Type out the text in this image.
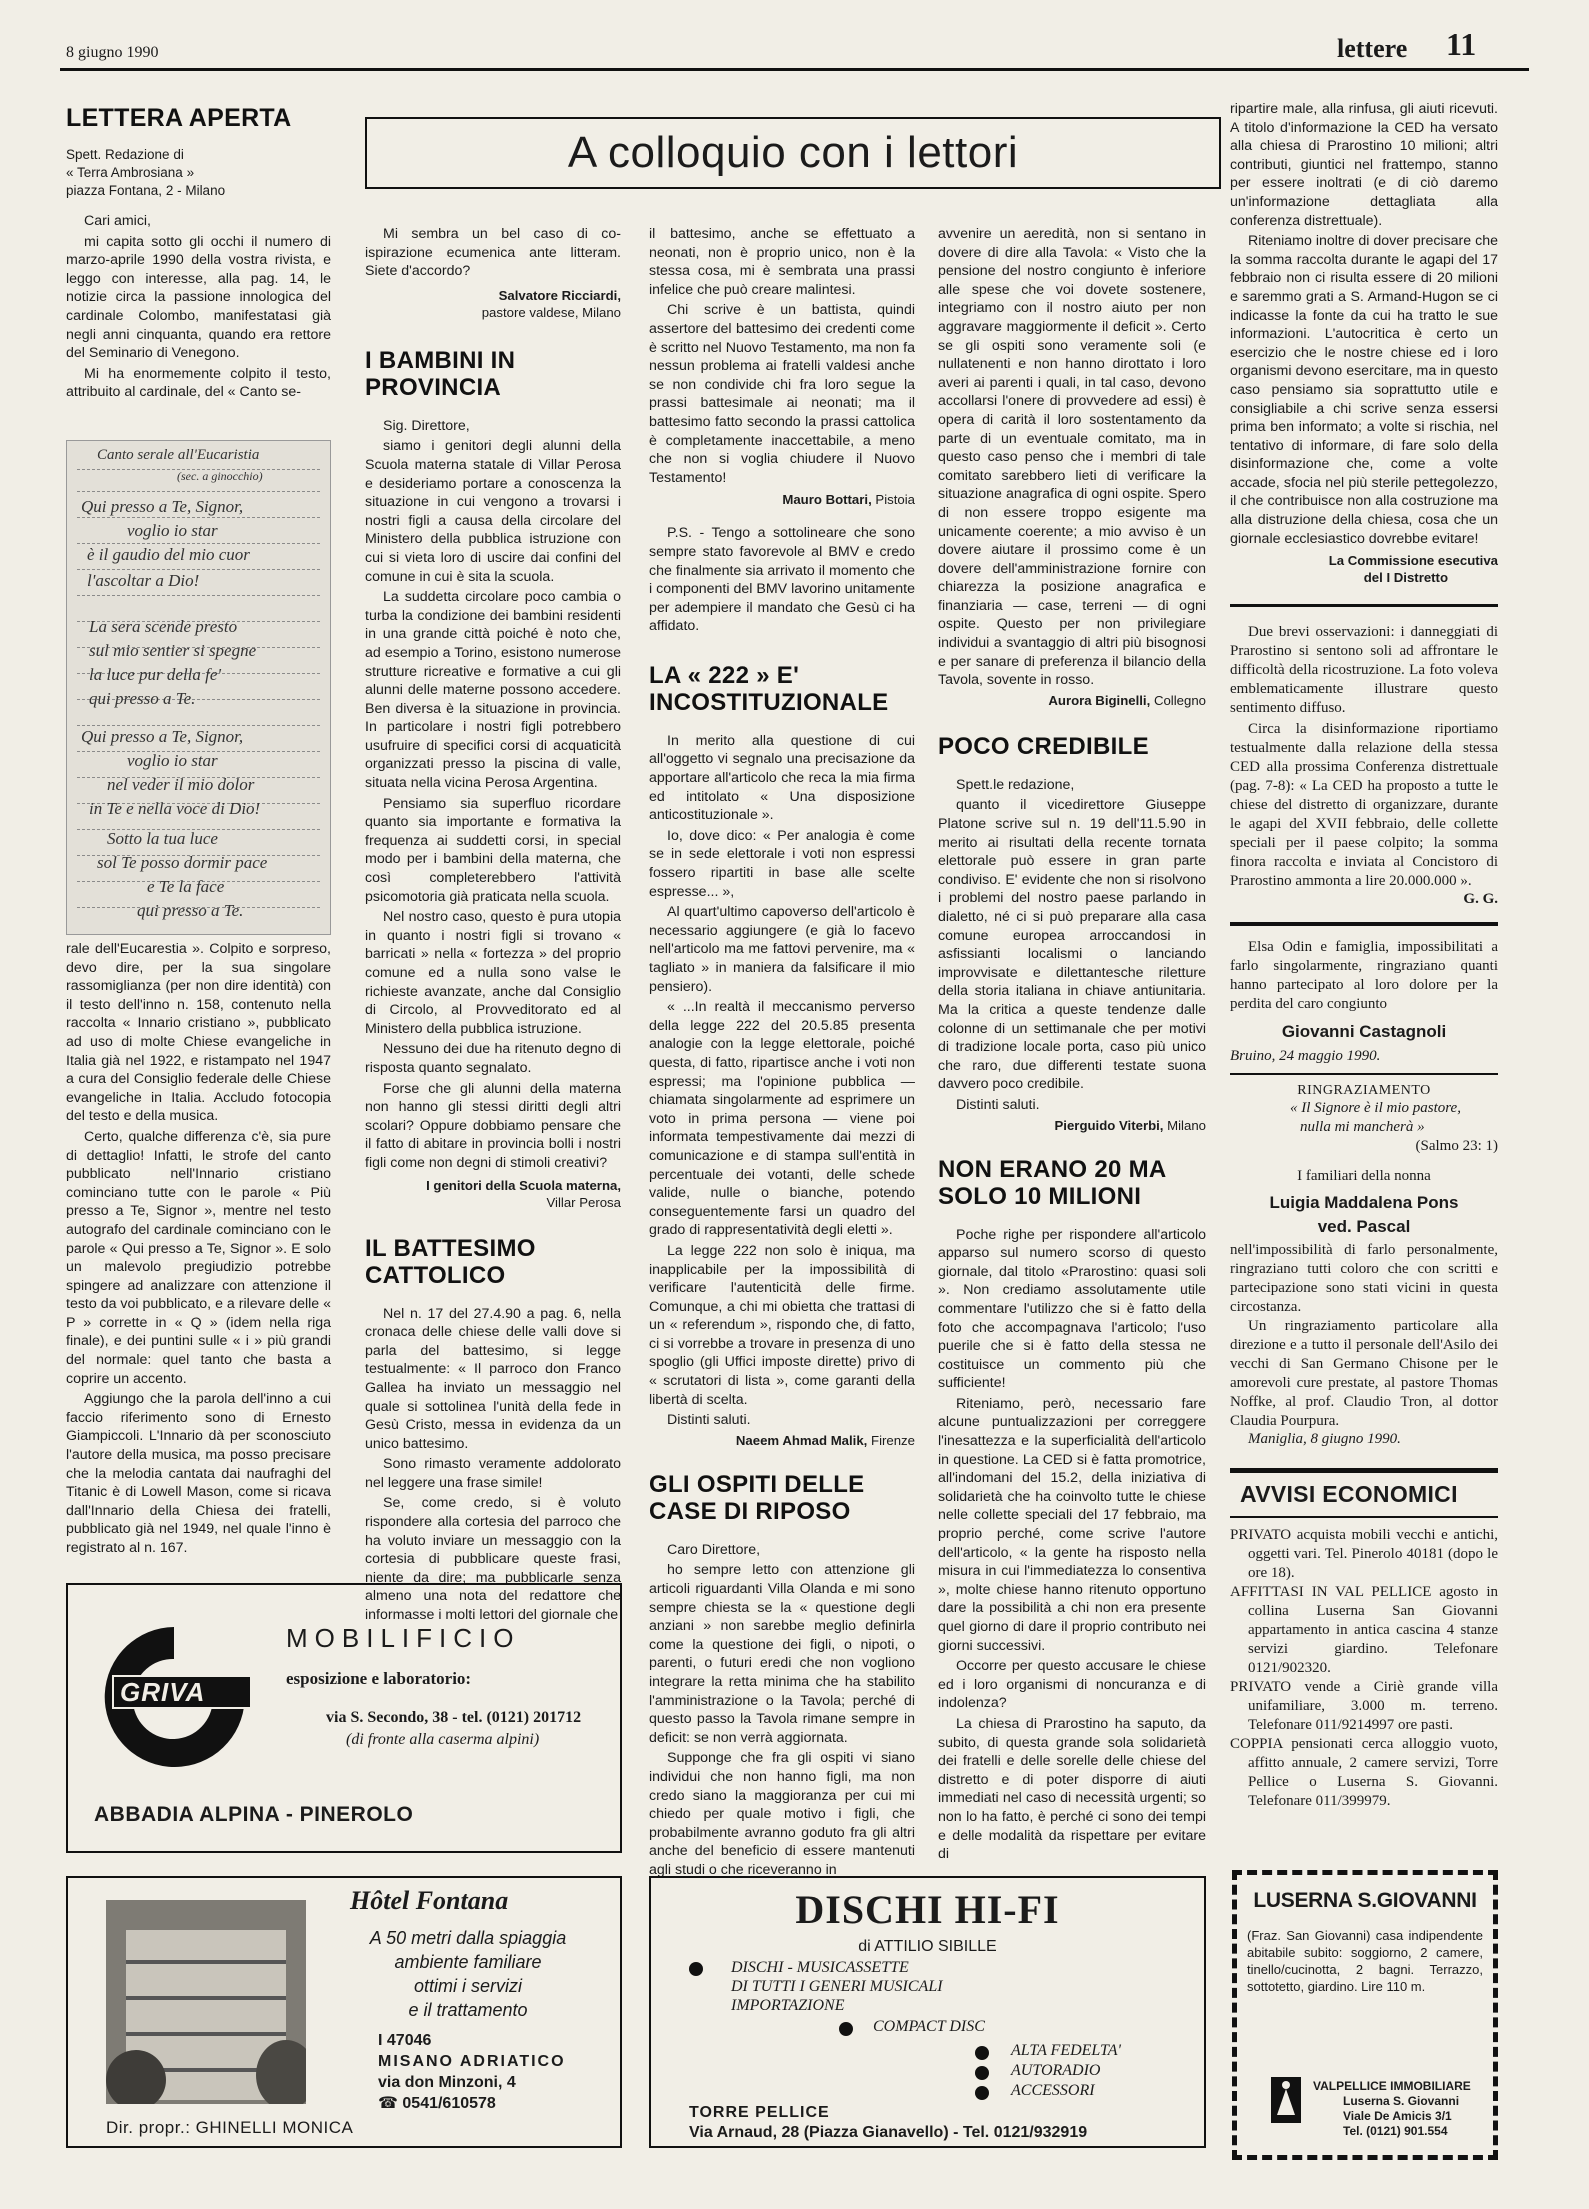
8 giugno 1990	lettere 11
A colloquio con i lettori
LETTERA APERTA
Spett. Redazione di
« Terra Ambrosiana »
piazza Fontana, 2 - Milano

Cari amici,

mi capita sotto gli occhi il numero di marzo-aprile 1990 della vostra rivista, e leggo con interesse, alla pag. 14, le notizie circa la passione innologica del cardinale Colombo, manifestatasi già negli anni cinquanta, quando era rettore del Seminario di Venegono.

Mi ha enormemente colpito il testo, attribuito al cardinale, del « Canto se-

Canto serale all'Eucaristia
(sec. a ginocchio)
Qui presso a Te, Signor,
voglio io star
è il gaudio del mio cuor
l'ascoltar a Dio!
La sera scende presto
sul mio sentier si spegne
la luce pur della fe'
qui presso a Te.
Qui presso a Te, Signor,
voglio io star
nel veder il mio dolor
in Te e nella voce di Dio!
Sotto la tua luce
sol Te posso dormir pace
e Te la face
qui presso a Te.

rale dell'Eucarestia ». Colpito e sorpreso, devo dire, per la sua singolare rassomiglianza (per non dire identità) con il testo dell'inno n. 158, contenuto nella raccolta « Innario cristiano », pubblicato ad uso di molte Chiese evangeliche in Italia già nel 1922, e ristampato nel 1947 a cura del Consiglio federale delle Chiese evangeliche in Italia. Accludo fotocopia del testo e della musica.

Certo, qualche differenza c'è, sia pure di dettaglio! Infatti, le strofe del canto pubblicato nell'Innario cristiano cominciano tutte con le parole « Più presso a Te, Signor », mentre nel testo autografo del cardinale cominciano con le parole « Qui presso a Te, Signor ». E solo un malevolo pregiudizio potrebbe spingere ad analizzare con attenzione il testo da voi pubblicato, e a rilevare delle « P » corrette in « Q » (idem nella riga finale), e dei puntini sulle « i » più grandi del normale: quel tanto che basta a coprire un accento.

Aggiungo che la parola dell'inno a cui faccio riferimento sono di Ernesto Giampiccoli. L'Innario dà per sconosciuto l'autore della musica, ma posso precisare che la melodia cantata dai naufraghi del Titanic è di Lowell Mason, come si ricava dall'Innario della Chiesa dei fratelli, pubblicato già nel 1949, nel quale l'inno è registrato al n. 167.

Mi sembra un bel caso di co-ispirazione ecumenica ante litteram. Siete d'accordo?

Salvatore Ricciardi,
pastore valdese, Milano
I BAMBINI IN PROVINCIA

Sig. Direttore,

siamo i genitori degli alunni della Scuola materna statale di Villar Perosa e desideriamo portare a conoscenza la situazione in cui vengono a trovarsi i nostri figli a causa della circolare del Ministero della pubblica istruzione con cui si vieta loro di uscire dai confini del comune in cui è sita la scuola.

La suddetta circolare poco cambia o turba la condizione dei bambini residenti in una grande città poiché è noto che, ad esempio a Torino, esistono numerose strutture ricreative e formative a cui gli alunni delle materne possono accedere. Ben diversa è la situazione in provincia. In particolare i nostri figli potrebbero usufruire di specifici corsi di acquaticità organizzati presso la piscina di valle, situata nella vicina Perosa Argentina.

Pensiamo sia superfluo ricordare quanto sia importante e formativa la frequenza ai suddetti corsi, in special modo per i bambini della materna, che così completerebbero l'attività psicomotoria già praticata nella scuola.

Nel nostro caso, questo è pura utopia in quanto i nostri figli si trovano « barricati » nella « fortezza » del proprio comune ed a nulla sono valse le richieste avanzate, anche dal Consiglio di Circolo, al Provveditorato ed al Ministero della pubblica istruzione.

Nessuno dei due ha ritenuto degno di risposta quanto segnalato.

Forse che gli alunni della materna non hanno gli stessi diritti degli altri scolari? Oppure dobbiamo pensare che il fatto di abitare in provincia bolli i nostri figli come non degni di stimoli creativi?

I genitori della Scuola materna,
Villar Perosa
IL BATTESIMO CATTOLICO

Nel n. 17 del 27.4.90 a pag. 6, nella cronaca delle chiese delle valli dove si parla del battesimo, si legge testualmente: « Il parroco don Franco Gallea ha inviato un messaggio nel quale si sottolinea l'unità della fede in Gesù Cristo, messa in evidenza da un unico battesimo.

Sono rimasto veramente addolorato nel leggere una frase simile!

Se, come credo, si è voluto rispondere alla cortesia del parroco che ha voluto inviare un messaggio con la cortesia di pubblicare queste frasi, niente da dire; ma pubblicarle senza almeno una nota del redattore che informasse i molti lettori del giornale che

il battesimo, anche se effettuato a neonati, non è proprio unico, non è la stessa cosa, mi è sembrata una prassi infelice che può creare malintesi.

Chi scrive è un battista, quindi assertore del battesimo dei credenti come è scritto nel Nuovo Testamento, ma non fa nessun problema ai fratelli valdesi anche se non condivide chi fra loro segue la prassi battesimale ai neonati; ma il battesimo fatto secondo la prassi cattolica è completamente inaccettabile, a meno che non si voglia chiudere il Nuovo Testamento!

Mauro Bottari, Pistoia

P.S. - Tengo a sottolineare che sono sempre stato favorevole al BMV e credo che finalmente sia arrivato il momento che i componenti del BMV lavorino unitamente per adempiere il mandato che Gesù ci ha affidato.

LA « 222 » E' INCOSTITUZIONALE

In merito alla questione di cui all'oggetto vi segnalo una precisazione da apportare all'articolo che reca la mia firma ed intitolato « Una disposizione anticostituzionale ».

Io, dove dico: « Per analogia è come se in sede elettorale i voti non espressi fossero ripartiti in base alle scelte espresse... »,

Al quart'ultimo capoverso dell'articolo è necessario aggiungere (e già lo facevo nell'articolo ma me fattovi pervenire, ma « tagliato » in maniera da falsificare il mio pensiero).

« ...In realtà il meccanismo perverso della legge 222 del 20.5.85 presenta analogie con la legge elettorale, poiché questa, di fatto, ripartisce anche i voti non espressi; ma l'opinione pubblica — chiamata singolarmente ad esprimere un voto in prima persona — viene poi informata tempestivamente dai mezzi di comunicazione e di stampa sull'entità in percentuale dei votanti, delle schede valide, nulle o bianche, potendo conseguentemente farsi un quadro del grado di rappresentatività degli eletti ».

La legge 222 non solo è iniqua, ma inapplicabile per la impossibilità di verificare l'autenticità delle firme. Comunque, a chi mi obietta che trattasi di un « referendum », rispondo che, di fatto, ci si vorrebbe a trovare in presenza di uno spoglio (gli Uffici imposte dirette) privo di « scrutatori di lista », come garanti della libertà di scelta.

Distinti saluti.

Naeem Ahmad Malik, Firenze
GLI OSPITI DELLE CASE DI RIPOSO

Caro Direttore,

ho sempre letto con attenzione gli articoli riguardanti Villa Olanda e mi sono sempre chiesta se la « questione degli anziani » non sarebbe meglio definirla come la questione dei figli, o nipoti, o parenti, o futuri eredi che non vogliono integrare la retta minima che ha stabilito l'amministrazione o la Tavola; perché di questo passo la Tavola rimane sempre in deficit: se non verrà aggiornata.

Supponge che fra gli ospiti vi siano individui che non hanno figli, ma non credo siano la maggioranza per cui mi chiedo per quale motivo i figli, che probabilmente avranno goduto fra gli altri anche del beneficio di essere mantenuti agli studi o che riceveranno in

avvenire un aeredità, non si sentano in dovere di dire alla Tavola: « Visto che la pensione del nostro congiunto è inferiore alle spese che voi dovete sostenere, integriamo con il nostro aiuto per non aggravare maggiormente il deficit ». Certo se gli ospiti sono veramente soli (e nullatenenti e non hanno dirottato i loro averi ai parenti i quali, in tal caso, devono accollarsi l'onere di provvedere ad essi) è opera di carità il loro sostentamento da parte di un eventuale comitato, ma in questo caso penso che i membri di tale comitato sarebbero lieti di verificare la situazione anagrafica di ogni ospite. Spero di non essere troppo esigente ma unicamente coerente; a mio avviso è un dovere aiutare il prossimo come è un dovere dell'amministrazione fornire con chiarezza la posizione anagrafica e finanziaria — case, terreni — di ogni ospite. Questo per non privilegiare individui a svantaggio di altri più bisognosi e per sanare di preferenza il bilancio della Tavola, sovente in rosso.

Aurora Biginelli, Collegno
POCO CREDIBILE

Spett.le redazione,

quanto il vicedirettore Giuseppe Platone scrive sul n. 19 dell'11.5.90 in merito ai risultati della recente tornata elettorale può essere in gran parte condiviso. E' evidente che non si risolvono i problemi del nostro paese parlando in dialetto, né ci si può prepararе alla casa comune europea arroccandosi in asfissianti localismi o lanciando improvvisate e dilettantesche riletture della storia italiana in chiave antiunitaria. Ma la critica a queste tendenze dalle colonne di un settimanale che per motivi di tradizione locale porta, caso più unico che raro, due differenti testate suona davvero poco credibile.

Distinti saluti.

Pierguido Viterbi, Milano
NON ERANO 20 MA SOLO 10 MILIONI

Poche righe per rispondere all'articolo apparso sul numero scorso di questo giornale, dal titolo «Prarostino: quasi soli ». Non crediamo assolutamente utile commentare l'utilizzo che si è fatto della foto che accompagnava l'articolo; l'uso puerile che si è fatto della stessa ne costituisce un commento più che sufficiente!

Riteniamo, però, necessario fare alcune puntualizzazioni per correggere l'inesattezza e la superficialità dell'articolo in questione. La CED si è fatta promotrice, all'indomani del 15.2, della iniziativa di solidarietà che ha coinvolto tutte le chiese nelle collette speciali del 17 febbraio, ma proprio perché, come scrive l'autore dell'articolo, « la gente ha risposto nella misura in cui l'immediatezza lo consentiva », molte chiese hanno ritenuto opportuno dare la possibilità a chi non era presente quel giorno di dare il proprio contributo nei giorni successivi.

Occorre per questo accusare le chiese ed i loro organismi di noncuranza e di indolenza?

La chiesa di Prarostino ha saputo, da subito, di questa grande sola solidarietà dei fratelli e delle sorelle delle chiese del distretto e di poter disporre di aiuti immediati nel caso di necessità urgenti; so non lo ha fatto, è perché ci sono dei tempi e delle modalità da rispettare per evitare di

ripartire male, alla rinfusa, gli aiuti ricevuti. A titolo d'informazione la CED ha versato alla chiesa di Prarostino 10 milioni; altri contributi, giuntici nel frattempo, stanno per essere inoltrati (e di ciò daremo un'informazione dettagliata alla conferenza distrettuale).

Riteniamo inoltre di dover precisare che la somma raccolta durante le agapi del 17 febbraio non ci risulta essere di 20 milioni e saremmo grati a S. Armand-Hugon se ci indicasse la fonte da cui ha tratto le sue informazioni. L'autocritica è certo un esercizio che le nostre chiese ed i loro organismi devono esercitare, ma in questo caso pensiamo sia soprattutto utile e consigliabile a chi scrive senza essersi prima ben informato; a volte si rischia, nel tentativo di informare, di fare solo della disinformazione che, come a volte accade, sfocia nel più sterile pettegolezzo, il che contribuisce non alla costruzione ma alla distruzione della chiesa, cosa che un giornale ecclesiastico dovrebbe evitare!

La Commissione esecutiva
del I Distretto

Due brevi osservazioni: i danneggiati di Prarostino si sentono soli ad affrontare le difficoltà della ricostruzione. La foto voleva emblematicamente illustrare questo sentimento diffuso.

Circa la disinformazione riportiamo testualmente dalla relazione della stessa CED alla prossima Conferenza distrettuale (pag. 7-8): « La CED ha proposto a tutte le chiese del distretto di organizzare, durante le agapi del XVII febbraio, delle collette speciali per il paese colpito; la somma finora raccolta e inviata al Concistoro di Prarostino ammonta a lire 20.000.000 ».

G. G.

Elsa Odin e famiglia, impossibilitati a farlo singolarmente, ringraziano quanti hanno partecipato al loro dolore per la perdita del caro congiunto

Giovanni Castagnoli
Bruino, 24 maggio 1990.
RINGRAZIAMENTO
« Il Signore è il mio pastore,
nulla mi mancherà »
(Salmo 23: 1)
I familiari della nonna
Luigia Maddalena Pons
ved. Pascal

nell'impossibilità di farlo personalmente, ringraziano tutti coloro che con scritti e partecipazione sono stati vicini in questa circostanza.

Un ringraziamento particolare alla direzione e a tutto il personale dell'Asilo dei vecchi di San Germano Chisone per le amorevoli cure prestate, al pastore Thomas Noffke, al prof. Claudio Tron, al dottor Claudia Pourpura.

Maniglia, 8 giugno 1990.
AVVISI ECONOMICI

PRIVATO acquista mobili vecchi e antichi, oggetti vari. Tel. Pinerolo 40181 (dopo le ore 18).

AFFITTASI IN VAL PELLICE agosto in collina Luserna San Giovanni appartamento in antica cascina 4 stanze servizi giardino. Telefonare 0121/902320.

PRIVATO vende a Ciriè grande villa unifamiliare, 3.000 m. terreno. Telefonare 011/9214997 ore pasti.

COPPIA pensionati cerca alloggio vuoto, affitto annuale, 2 camere servizi, Torre Pellice o Luserna S. Giovanni. Telefonare 011/399979.

GRIVA
MOBILIFICIO
esposizione e laboratorio:
via S. Secondo, 38 - tel. (0121) 201712
(di fronte alla caserma alpini)
ABBADIA ALPINA - PINEROLO
DISCHI HI-FI
di ATTILIO SIBILLE
DISCHI - MUSICASSETTE
DI TUTTI I GENERI MUSICALI
IMPORTAZIONE
COMPACT DISC
ALTA FEDELTA'
AUTORADIO
ACCESSORI
TORRE PELLICE
Via Arnaud, 28 (Piazza Gianavello) - Tel. 0121/932919
Hôtel Fontana
A 50 metri dalla spiaggia
ambiente familiare
ottimi i servizi
e il trattamento
I 47046
MISANO ADRIATICO
via don Minzoni, 4
☎ 0541/610578
Dir. propr.: GHINELLI MONICA
LUSERNA S.GIOVANNI

(Fraz. San Giovanni) casa indipendente abitabile subito: soggiorno, 2 camere, tinello/cucinotta, 2 bagni. Terrazzo, sottotetto, giardino. Lire 110 m.

VALPELLICE IMMOBILIARE
Luserna S. Giovanni
Viale De Amicis 3/1
Tel. (0121) 901.554
